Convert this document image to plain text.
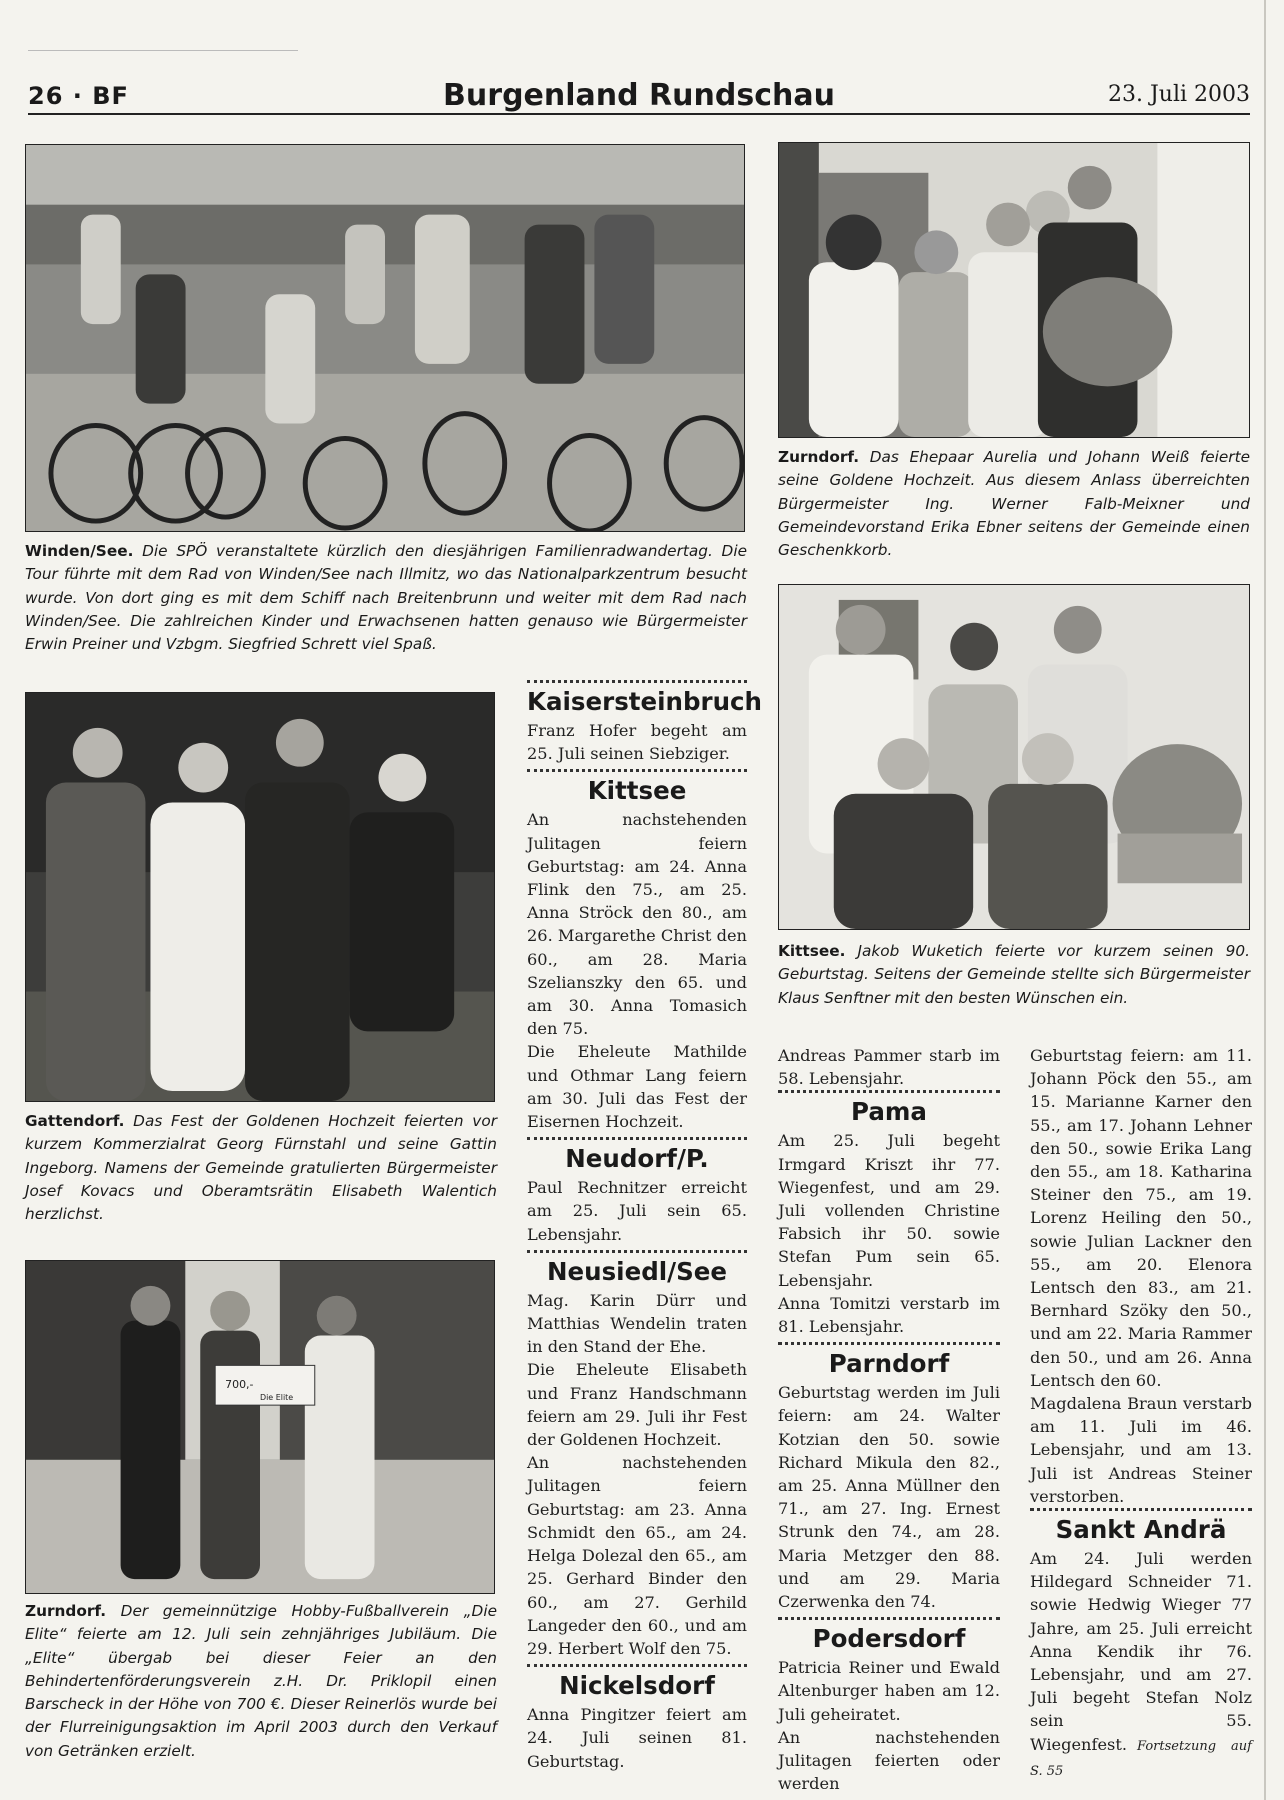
26 · BF	Burgenland Rundschau	23. Juli 2003
Winden/See. Die SPÖ veranstaltete kürzlich den diesjährigen Familienradwandertag. Die Tour führte mit dem Rad von Winden/See nach Illmitz, wo das Nationalparkzentrum besucht wurde. Von dort ging es mit dem Schiff nach Breitenbrunn und weiter mit dem Rad nach Winden/See. Die zahlreichen Kinder und Erwachsenen hatten genauso wie Bürgermeister Erwin Preiner und Vzbgm. Siegfried Schrett viel Spaß.
Zurndorf. Das Ehepaar Aurelia und Johann Weiß feierte seine Goldene Hochzeit. Aus diesem Anlass überreichten Bürgermeister Ing. Werner Falb-Meixner und Gemeindevorstand Erika Ebner seitens der Gemeinde einen Geschenkkorb.
Gattendorf. Das Fest der Goldenen Hochzeit feierten vor kurzem Kommerzialrat Georg Fürnstahl und seine Gattin Ingeborg. Namens der Gemeinde gratulierten Bürgermeister Josef Kovacs und Oberamtsrätin Elisabeth Walentich herzlichst.
Kittsee. Jakob Wuketich feierte vor kurzem seinen 90. Geburtstag. Seitens der Gemeinde stellte sich Bürgermeister Klaus Senftner mit den besten Wünschen ein.
700,-
Die Elite
Zurndorf. Der gemeinnützige Hobby-Fußballverein „Die Elite“ feierte am 12. Juli sein zehnjähriges Jubiläum. Die „Elite“ übergab bei dieser Feier an den Behindertenförderungsverein z.H. Dr. Priklopil einen Barscheck in der Höhe von 700 €. Dieser Reinerlös wurde bei der Flurreinigungsaktion im April 2003 durch den Verkauf von Getränken erzielt.
Kaisersteinbruch

Franz Hofer begeht am 25. Juli seinen Siebziger.

Kittsee

An nachstehenden Julitagen feiern Geburtstag: am 24. Anna Flink den 75., am 25. Anna Ströck den 80., am 26. Margarethe Christ den 60., am 28. Maria Szelianszky den 65. und am 30. Anna Tomasich den 75.

Die Eheleute Mathilde und Othmar Lang feiern am 30. Juli das Fest der Eisernen Hochzeit.

Neudorf/P.

Paul Rechnitzer erreicht am 25. Juli sein 65. Lebensjahr.

Neusiedl/See

Mag. Karin Dürr und Matthias Wendelin traten in den Stand der Ehe.

Die Eheleute Elisabeth und Franz Handschmann feiern am 29. Juli ihr Fest der Goldenen Hochzeit.

An nachstehenden Julitagen feiern Geburtstag: am 23. Anna Schmidt den 65., am 24. Helga Dolezal den 65., am 25. Gerhard Binder den 60., am 27. Gerhild Langeder den 60., und am 29. Herbert Wolf den 75.

Nickelsdorf

Anna Pingitzer feiert am 24. Juli seinen 81. Geburtstag.

Andreas Pammer starb im 58. Lebensjahr.

Pama

Am 25. Juli begeht Irmgard Kriszt ihr 77. Wiegenfest, und am 29. Juli vollenden Christine Fabsich ihr 50. sowie Stefan Pum sein 65. Lebensjahr.

Anna Tomitzi verstarb im 81. Lebensjahr.

Parndorf

Geburtstag werden im Juli feiern: am 24. Walter Kotzian den 50. sowie Richard Mikula den 82., am 25. Anna Müllner den 71., am 27. Ing. Ernest Strunk den 74., am 28. Maria Metzger den 88. und am 29. Maria Czerwenka den 74.

Podersdorf

Patricia Reiner und Ewald Altenburger haben am 12. Juli geheiratet.

An nachstehenden Julitagen feierten oder werden

Geburtstag feiern: am 11. Johann Pöck den 55., am 15. Marianne Karner den 55., am 17. Johann Lehner den 50., sowie Erika Lang den 55., am 18. Katharina Steiner den 75., am 19. Lorenz Heiling den 50., sowie Julian Lackner den 55., am 20. Elenora Lentsch den 83., am 21. Bernhard Szöky den 50., und am 22. Maria Rammer den 50., und am 26. Anna Lentsch den 60.

Magdalena Braun verstarb am 11. Juli im 46. Lebensjahr, und am 13. Juli ist Andreas Steiner verstorben.

Sankt Andrä

Am 24. Juli werden Hildegard Schneider 71. sowie Hedwig Wieger 77 Jahre, am 25. Juli erreicht Anna Kendik ihr 76. Lebensjahr, und am 27. Juli begeht Stefan Nolz sein 55. Wiegenfest. Fortsetzung auf S. 55
